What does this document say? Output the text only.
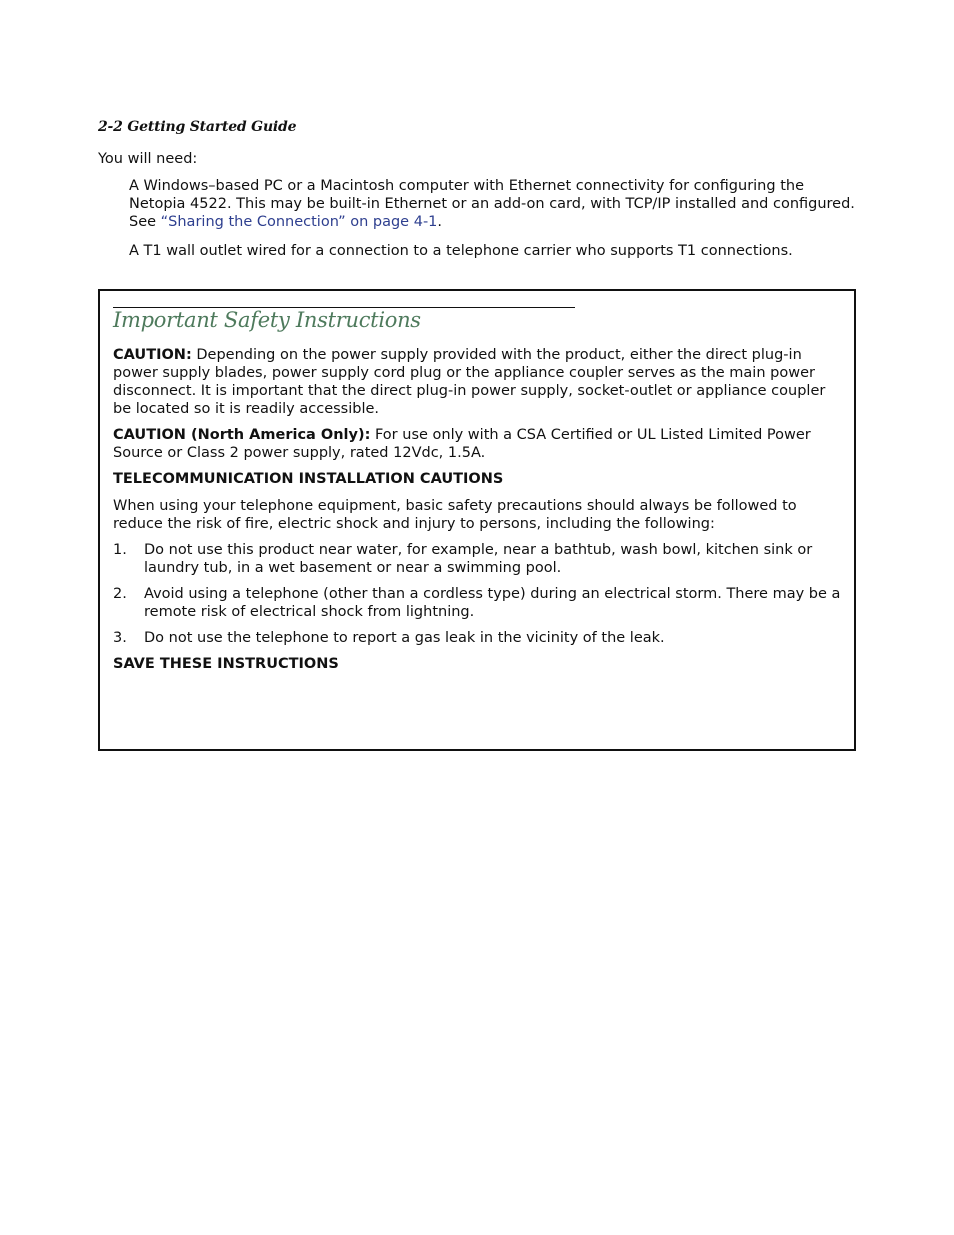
2-2 Getting Started Guide
You will need:
A Windows–based PC or a Macintosh computer with Ethernet connectivity for configuring the Netopia 4522. This may be built-in Ethernet or an add-on card, with TCP/IP installed and configured. See “Sharing the Connection” on page 4-1.
A T1 wall outlet wired for a connection to a telephone carrier who supports T1 connections.
Important Safety Instructions

CAUTION: Depending on the power supply provided with the product, either the direct plug-in power supply blades, power supply cord plug or the appliance coupler serves as the main power disconnect. It is important that the direct plug-in power supply, socket-outlet or appliance coupler be located so it is readily accessible.

CAUTION (North America Only): For use only with a CSA Certified or UL Listed Limited Power Source or Class 2 power supply, rated 12Vdc, 1.5A.

TELECOMMUNICATION INSTALLATION CAUTIONS

When using your telephone equipment, basic safety precautions should always be followed to reduce the risk of fire, electric shock and injury to persons, including the following:

1. Do not use this product near water, for example, near a bathtub, wash bowl, kitchen sink or laundry tub, in a wet basement or near a swimming pool.
2. Avoid using a telephone (other than a cordless type) during an electrical storm. There may be a remote risk of electrical shock from lightning.
3. Do not use the telephone to report a gas leak in the vicinity of the leak.

SAVE THESE INSTRUCTIONS
